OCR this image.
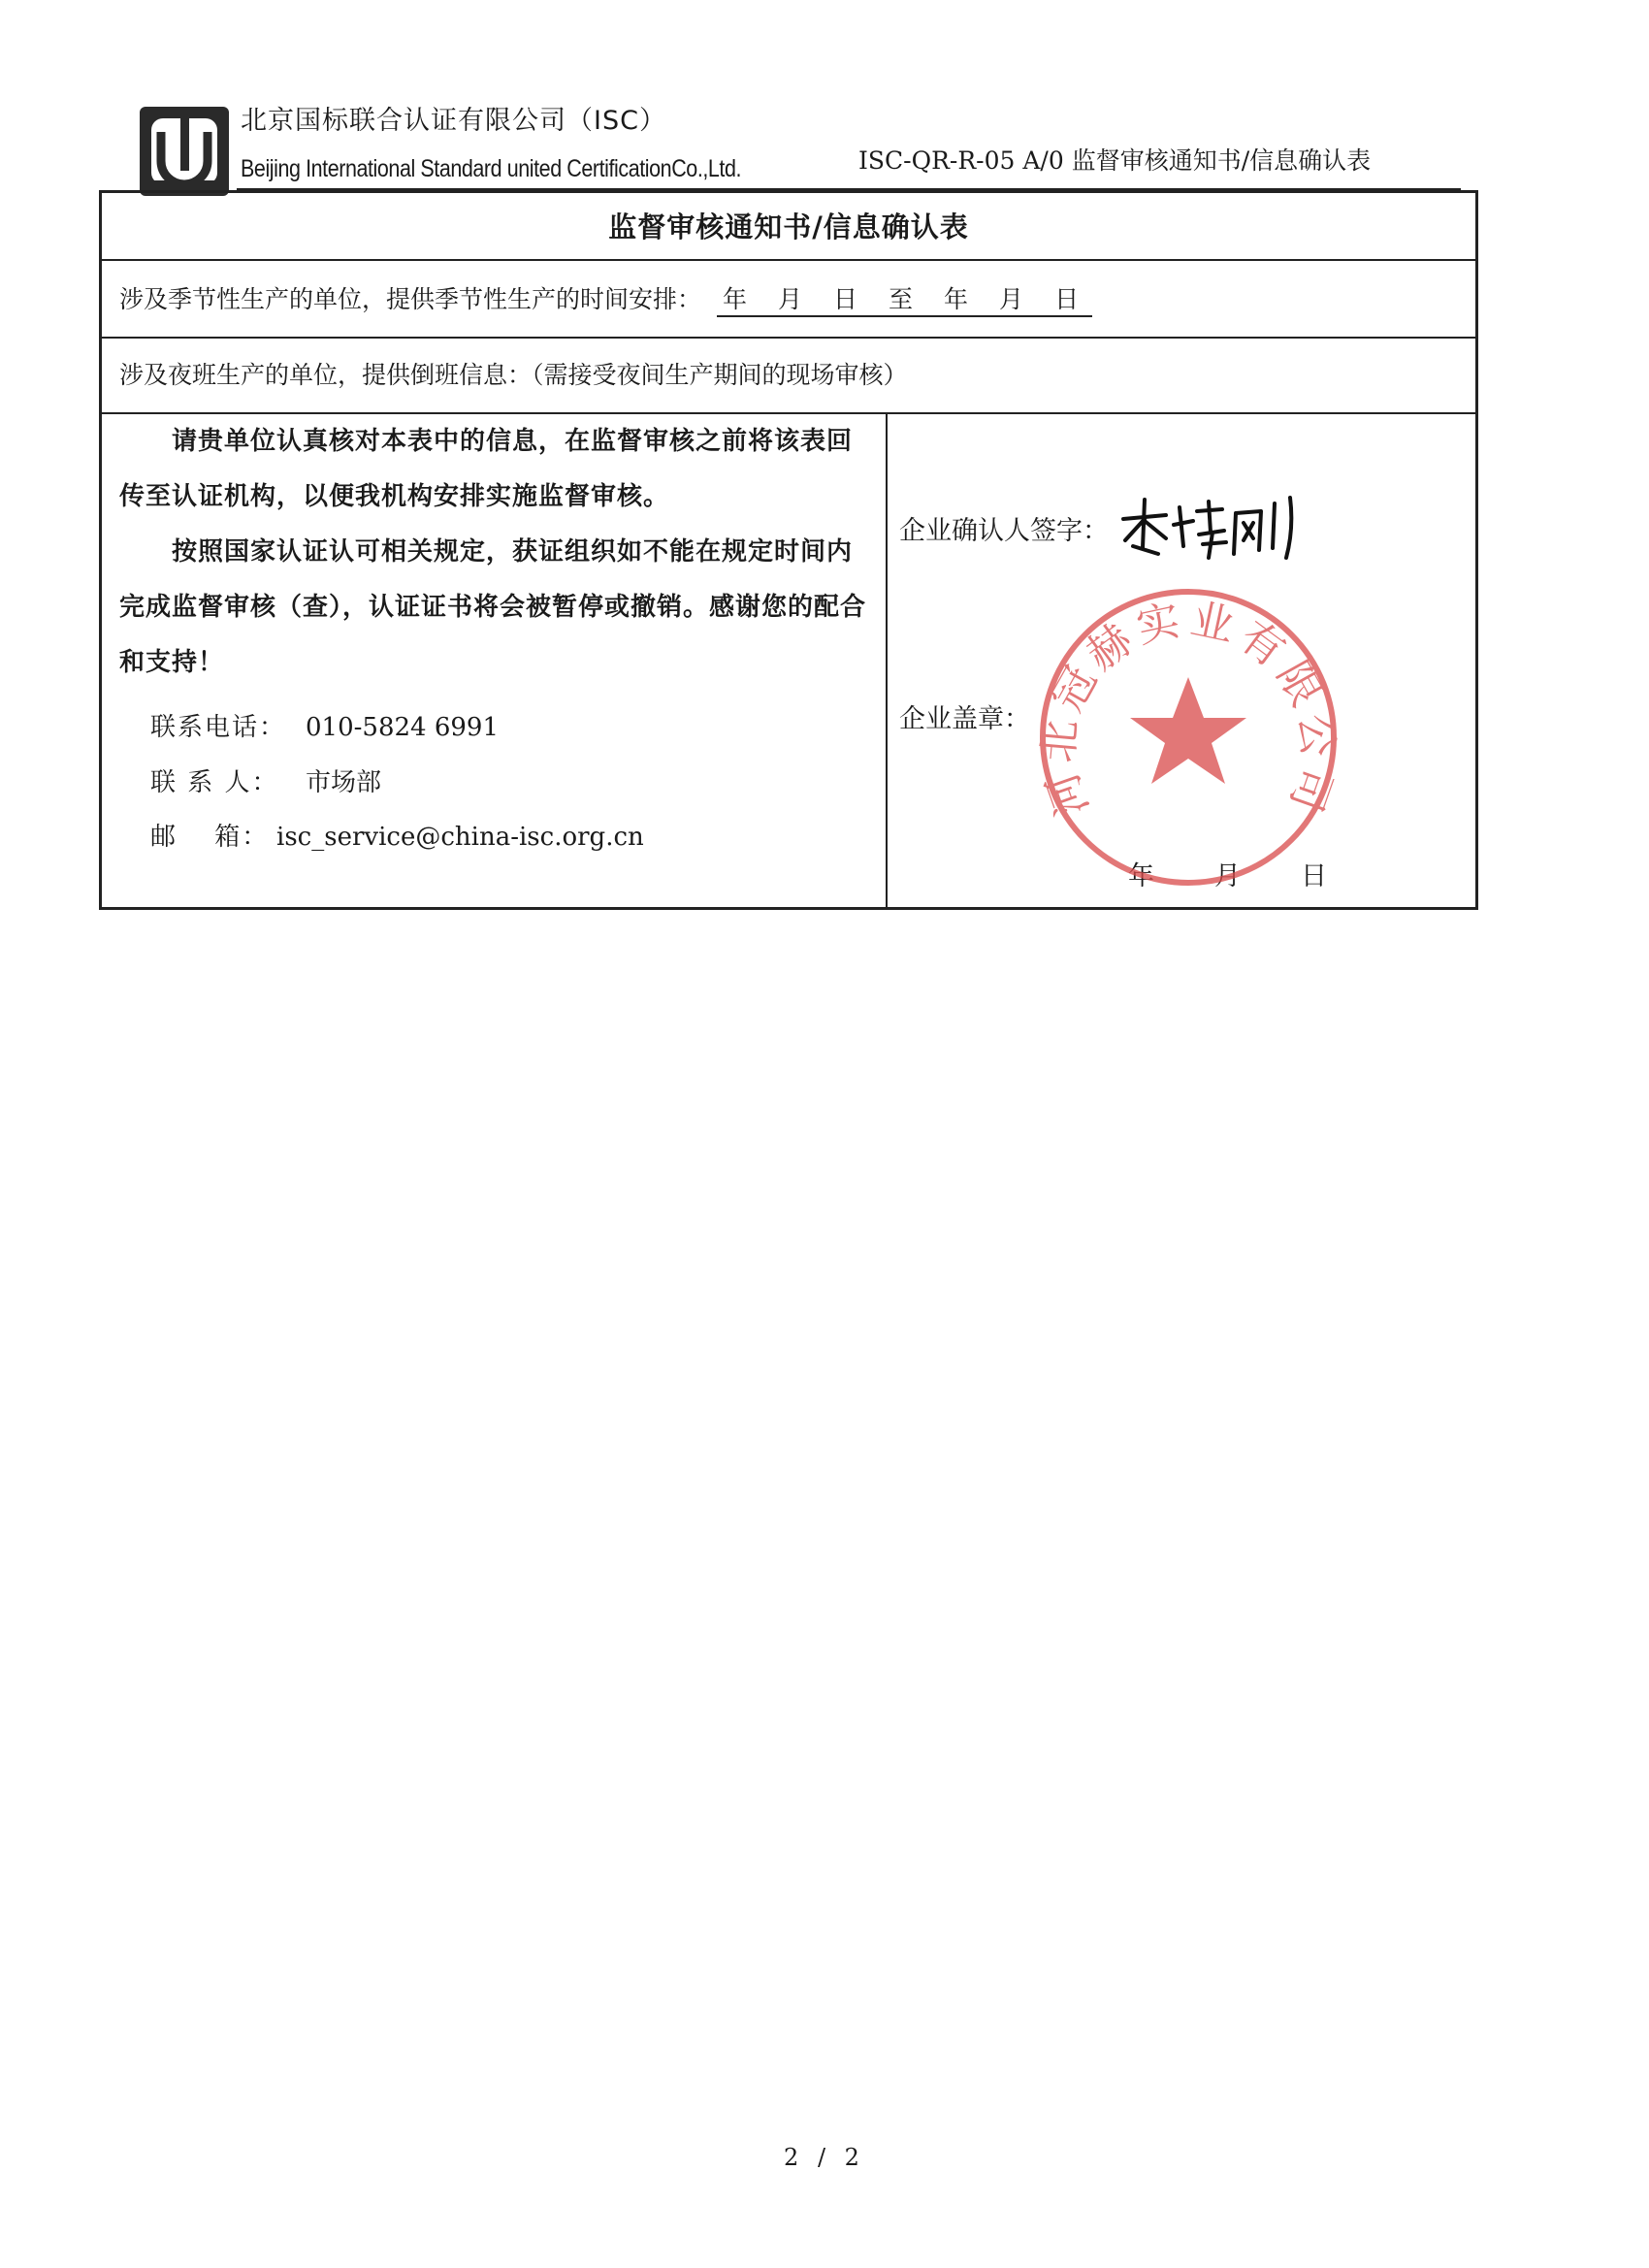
北京国标联合认证有限公司（ISC）
Beijing International Standard united CertificationCo.,Ltd.	ISC-QR-R-05 A/0 监督审核通知书/信息确认表
监督审核通知书/信息确认表
涉及季节性生产的单位，提供季节性生产的时间安排： 年 月 日 至 年 月 日
涉及夜班生产的单位，提供倒班信息：（需接受夜间生产期间的现场审核）
请贵单位认真核对本表中的信息，在监督审核之前将该表回传至认证机构，以便我机构安排实施监督审核。
按照国家认证认可相关规定，获证组织如不能在规定时间内完成监督审核（查），认证证书将会被暂停或撤销。感谢您的配合和支持！
联系电话： 010-5824 6991
联 系 人： 市场部
邮　 箱： isc_service@china-isc.org.cn
企业确认人签字：
企业盖章：
年 月 日
河北冠赫实业有限公司
2 / 2
